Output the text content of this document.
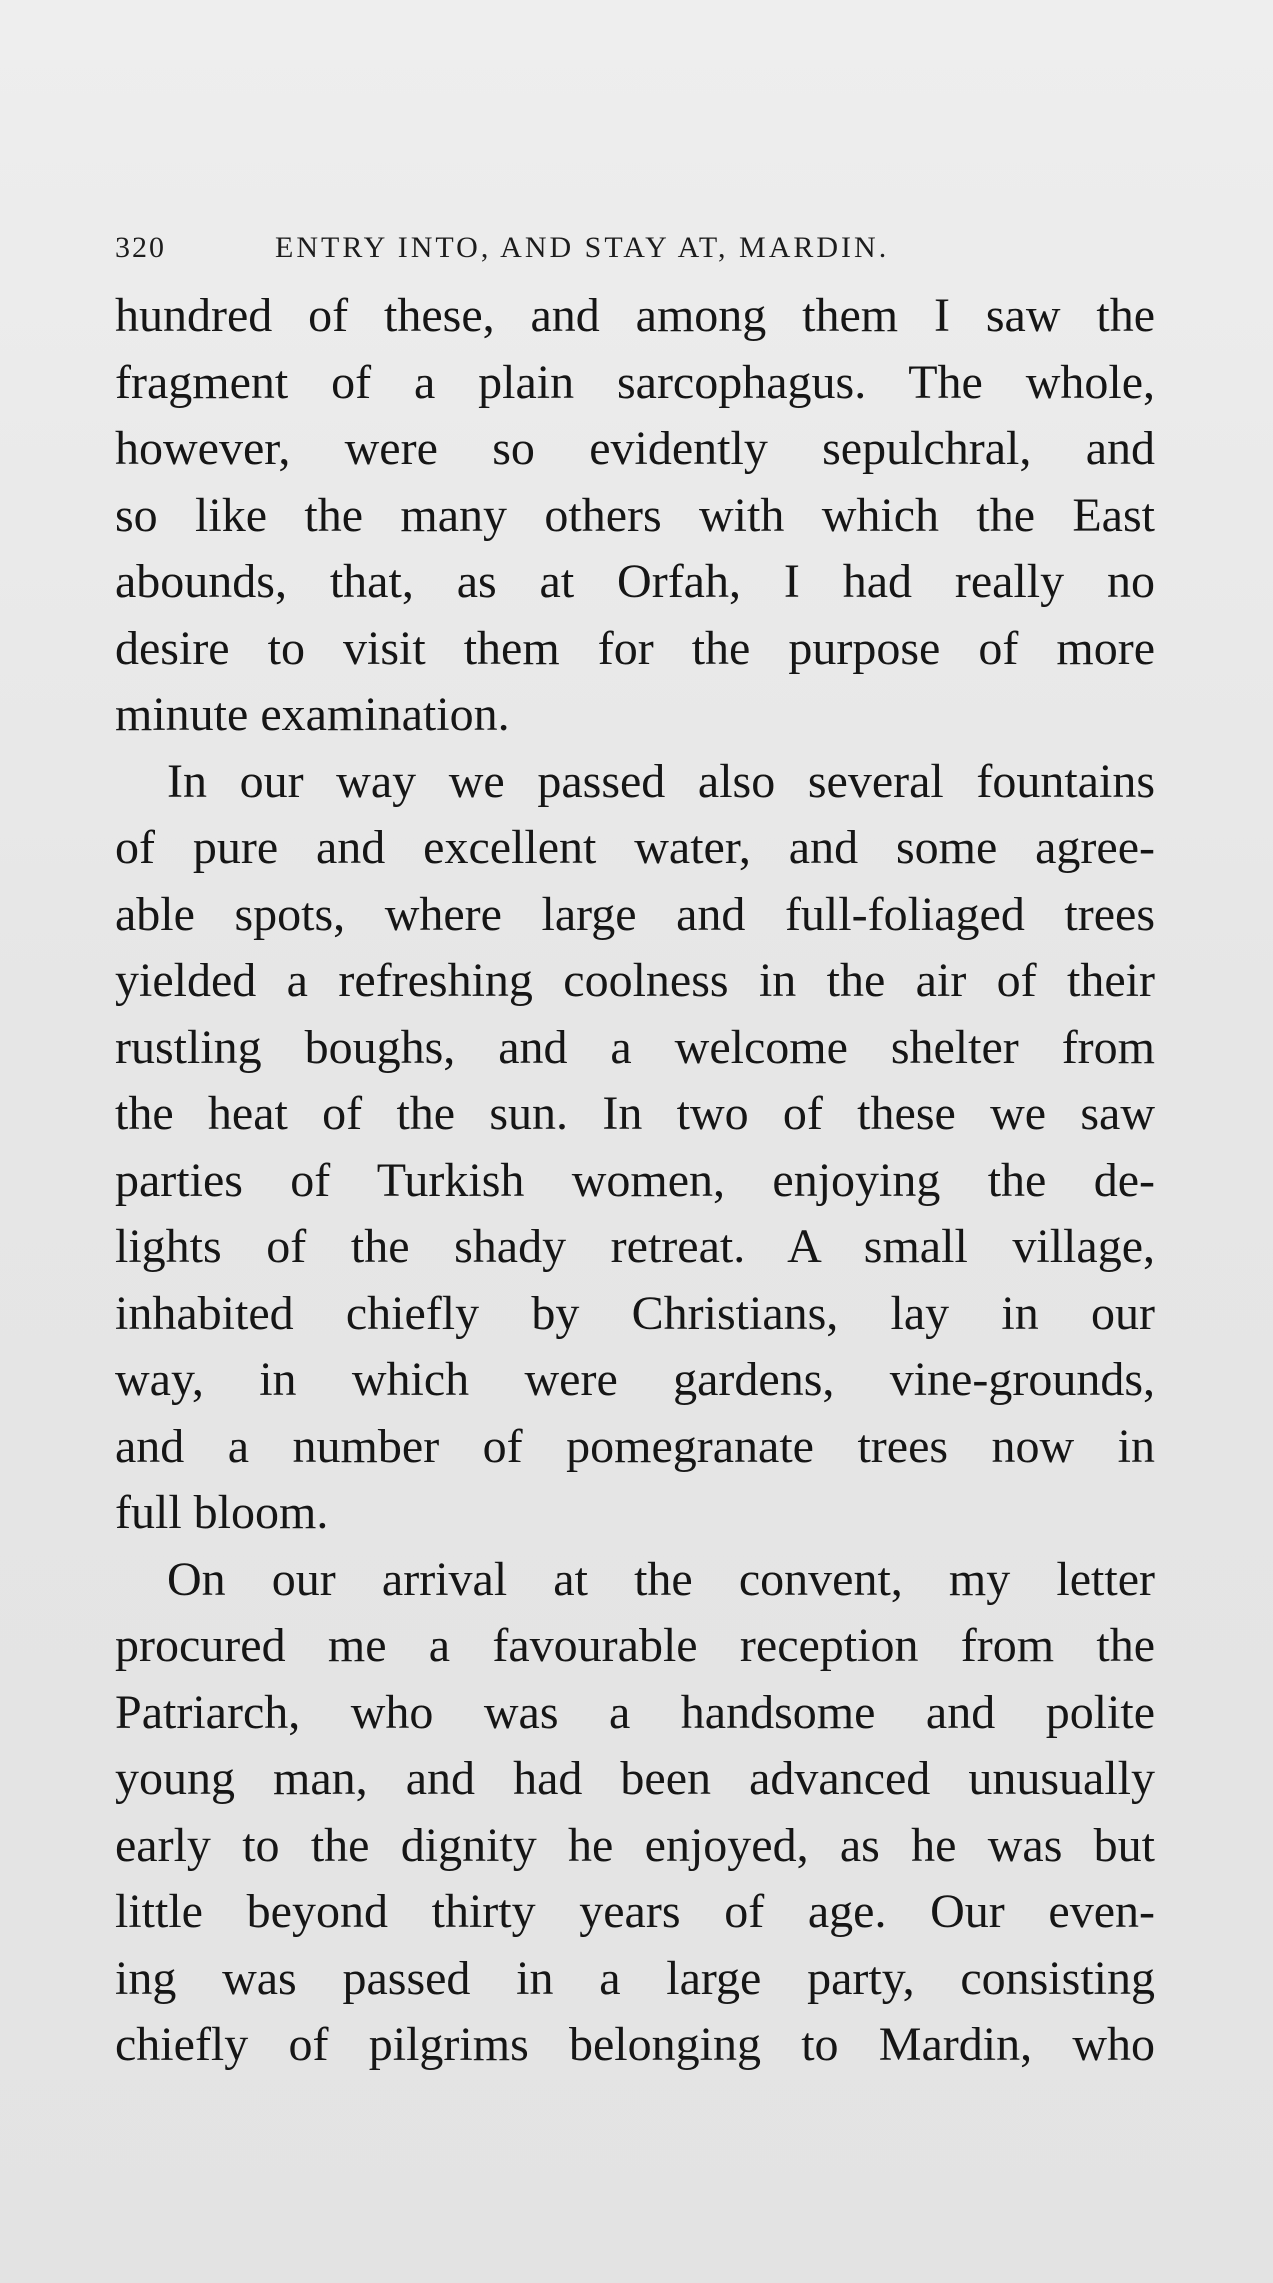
320	ENTRY INTO, AND STAY AT, MARDIN.

hundred of these, and among them I saw the
fragment of a plain sarcophagus. The whole,
however, were so evidently sepulchral, and
so like the many others with which the East
abounds, that, as at Orfah, I had really no
desire to visit them for the purpose of more
minute examination.

In our way we passed also several fountains
of pure and excellent water, and some agree-
able spots, where large and full-foliaged trees
yielded a refreshing coolness in the air of their
rustling boughs, and a welcome shelter from
the heat of the sun. In two of these we saw
parties of Turkish women, enjoying the de-
lights of the shady retreat. A small village,
inhabited chiefly by Christians, lay in our
way, in which were gardens, vine-grounds,
and a number of pomegranate trees now in
full bloom.

On our arrival at the convent, my letter
procured me a favourable reception from the
Patriarch, who was a handsome and polite
young man, and had been advanced unusually
early to the dignity he enjoyed, as he was but
little beyond thirty years of age. Our even-
ing was passed in a large party, consisting
chiefly of pilgrims belonging to Mardin, who
